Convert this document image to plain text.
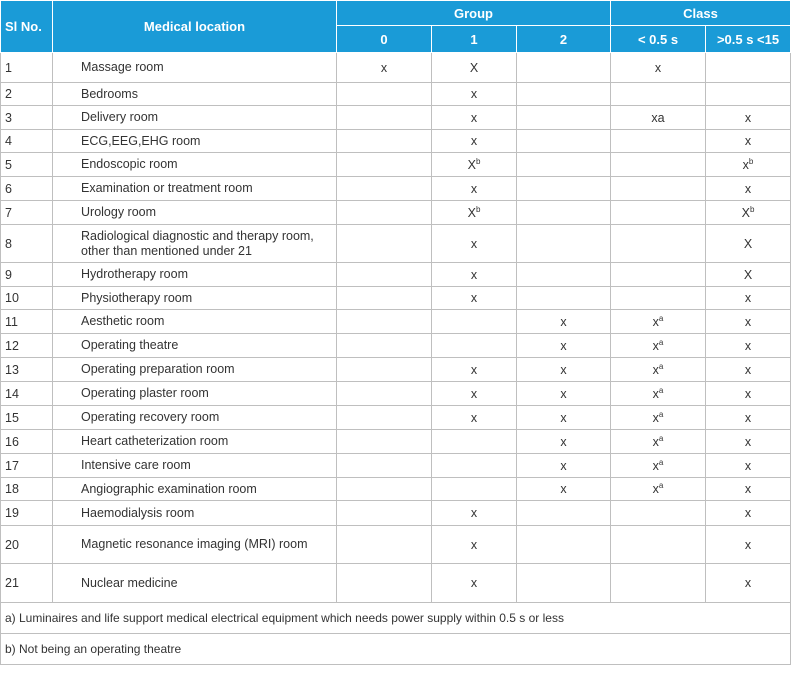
Sl No.	Medical location	Group			Class	
		0	1	2	< 0.5 s	>0.5 s <15
1	Massage room	x	X		x	
2	Bedrooms		x			
3	Delivery room		x		xa	x
4	ECG,EEG,EHG room		x			x
5	Endoscopic room		$X^b$			$x^b$
6	Examination or treatment room		x			x
7	Urology room		$X^b$			$X^b$
8	Radiological diagnostic and therapy room, other than mentioned under 21		x			X
9	Hydrotherapy room		x			X
10	Physiotherapy room		x			x
11	Aesthetic room			x	$x^a$	x
12	Operating theatre			x	$x^a$	x
13	Operating preparation room		x	x	$x^a$	x
14	Operating plaster room		x	x	$x^a$	x
15	Operating recovery room		x	x	$x^a$	x
16	Heart catheterization room			x	$x^a$	x
17	Intensive care room			x	$x^a$	x
18	Angiographic examination room			x	$x^a$	x
19	Haemodialysis room		x			x
20	Magnetic resonance imaging (MRI) room		x			x
21	Nuclear medicine		x			x
a) Luminaires and life support medical electrical equipment which needs power supply within 0.5 s or less						
b) Not being an operating theatre						
